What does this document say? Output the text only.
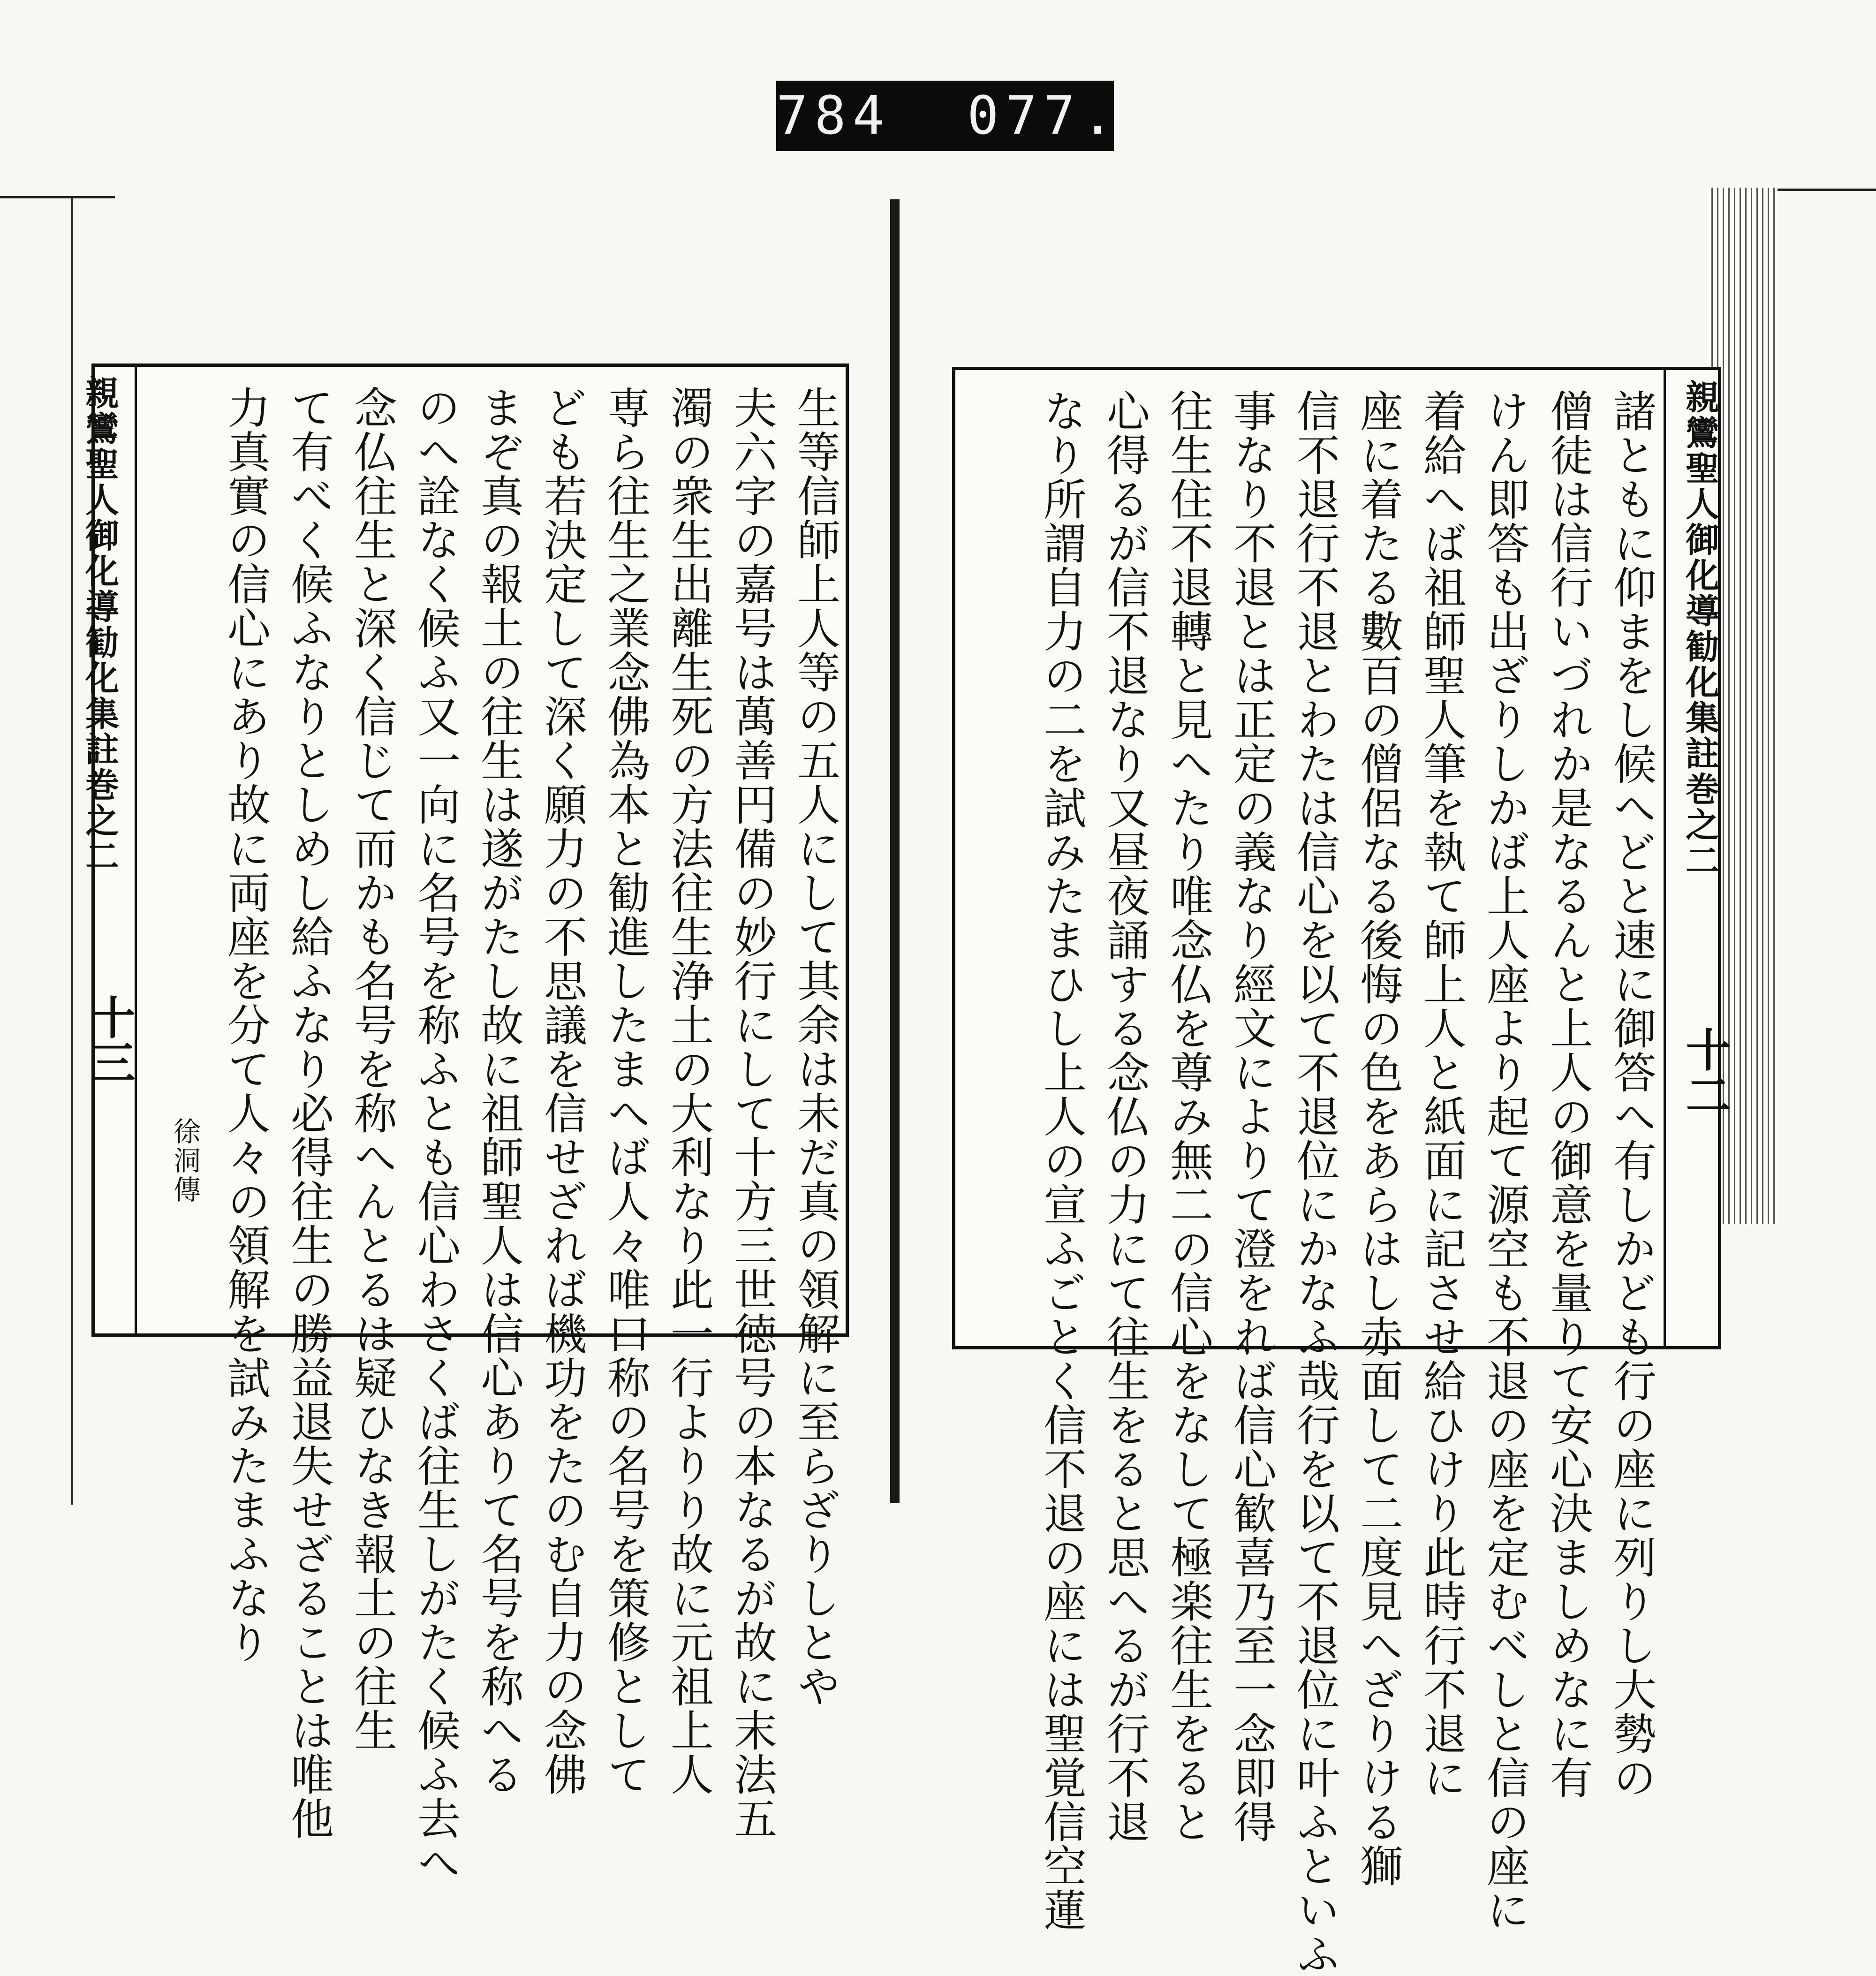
784  077.
生等信師上人等の五人にして其余は未だ真の領解に至らざりしとや
夫六字の嘉号は萬善円備の妙行にして十方三世徳号の本なるが故に末法五
濁の衆生出離生死の方法往生浄土の大利なり此一行よりり故に元祖上人
専ら往生之業念佛為本と勧進したまへば人々唯口称の名号を策修として
ども若決定して深く願力の不思議を信せざれば機功をたのむ自力の念佛
まぞ真の報土の往生は遂がたし故に祖師聖人は信心ありて名号を称へる
のへ詮なく候ふ又一向に名号を称ふとも信心わさくば往生しがたく候ふ去へ
念仏往生と深く信じて而かも名号を称へんとるは疑ひなき報土の往生
て有べく候ふなりとしめし給ふなり必得往生の勝益退失せざることは唯他
力真實の信心にあり故に両座を分て人々の領解を試みたまふなり
徐洞傳
親鸞聖人御化導勧化集註巻之二
十三	諸ともに仰まをし候へどと速に御答へ有しかども行の座に列りし大勢の
僧徒は信行いづれか是なるんと上人の御意を量りて安心決ましめなに有
けん即答も出ざりしかば上人座より起て源空も不退の座を定むべしと信の座に
着給へば祖師聖人筆を執て師上人と紙面に記させ給ひけり此時行不退に
座に着たる數百の僧侶なる後悔の色をあらはし赤面して二度見へざりける獅
信不退行不退とわたは信心を以て不退位にかなふ哉行を以て不退位に叶ふといふ
事なり不退とは正定の義なり經文によりて澄をれば信心歓喜乃至一念即得
往生住不退轉と見へたり唯念仏を尊み無二の信心をなして極楽往生をると
心得るが信不退なり又昼夜誦する念仏の力にて往生をると思へるが行不退
なり所謂自力の二を試みたまひし上人の宣ふごとく信不退の座には聖覚信空蓮	親鸞聖人御化導勧化集註巻之二
十二
